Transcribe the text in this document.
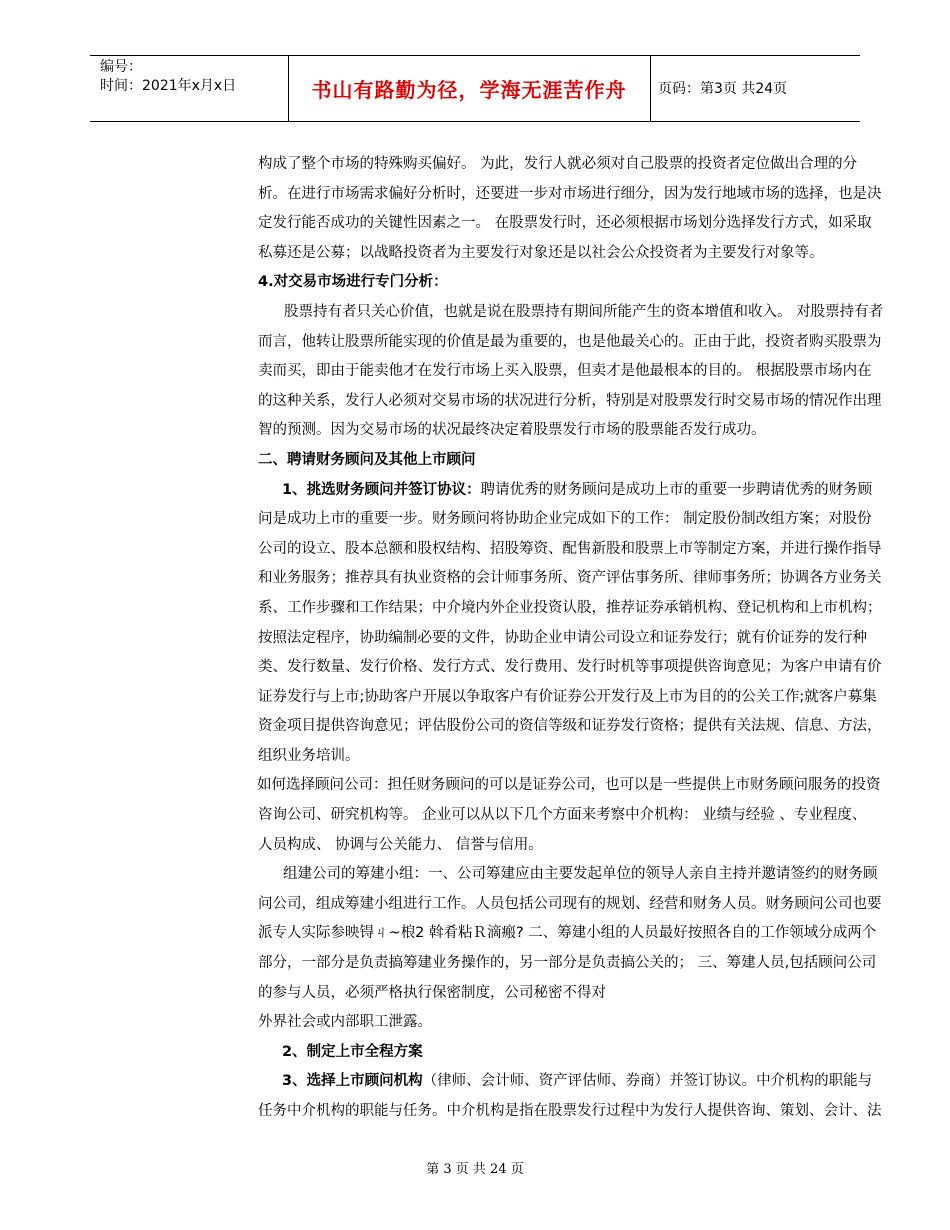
编号：
时间：2021年x月x日	书山有路勤为径，学海无涯苦作舟	页码：第3页 共24页

构成了整个市场的特殊购买偏好。 为此，发行人就必须对自己股票的投资者定位做出合理的分

析。在进行市场需求偏好分析时，还要进一步对市场进行细分，因为发行地域市场的选择，也是决

定发行能否成功的关键性因素之一。 在股票发行时，还必须根据市场划分选择发行方式，如采取

私募还是公募；以战略投资者为主要发行对象还是以社会公众投资者为主要发行对象等。

4.对交易市场进行专门分析：

股票持有者只关心价值，也就是说在股票持有期间所能产生的资本增值和收入。 对股票持有者

而言，他转让股票所能实现的价值是最为重要的，也是他最关心的。正由于此，投资者购买股票为

卖而买，即由于能卖他才在发行市场上买入股票，但卖才是他最根本的目的。 根据股票市场内在

的这种关系，发行人必须对交易市场的状况进行分析，特别是对股票发行时交易市场的情况作出理

智的预测。因为交易市场的状况最终决定着股票发行市场的股票能否发行成功。

二、聘请财务顾问及其他上市顾问

1、挑选财务顾问并签订协议：聘请优秀的财务顾问是成功上市的重要一步聘请优秀的财务顾

问是成功上市的重要一步。财务顾问将协助企业完成如下的工作： 制定股份制改组方案；对股份

公司的设立、股本总额和股权结构、招股筹资、配售新股和股票上市等制定方案，并进行操作指导

和业务服务；推荐具有执业资格的会计师事务所、资产评估事务所、律师事务所；协调各方业务关

系、工作步骤和工作结果；中介境内外企业投资认股，推荐证券承销机构、登记机构和上市机构；

按照法定程序，协助编制必要的文件，协助企业申请公司设立和证券发行；就有价证券的发行种

类、发行数量、发行价格、发行方式、发行费用、发行时机等事项提供咨询意见；为客户申请有价

证券发行与上市;协助客户开展以争取客户有价证券公开发行及上市为目的的公关工作;就客户募集

资金项目提供咨询意见；评估股份公司的资信等级和证券发行资格；提供有关法规、信息、方法，

组织业务培训。

如何选择顾问公司：担任财务顾问的可以是证券公司，也可以是一些提供上市财务顾问服务的投资

咨询公司、研究机构等。 企业可以从以下几个方面来考察中介机构： 业绩与经验 、专业程度、

人员构成、 协调与公关能力、 信誉与信用。

组建公司的筹建小组：一、公司筹建应由主要发起单位的领导人亲自主持并邀请签约的财务顾

问公司，组成筹建小组进行工作。人员包括公司现有的规划、经营和财务人员。财务顾问公司也要

派专人实际参映锝ㄐ~桹2 斡肴粘Ｒ滴瘢? 二、筹建小组的人员最好按照各自的工作领域分成两个

部分，一部分是负责搞筹建业务操作的，另一部分是负责搞公关的； 三、筹建人员,包括顾问公司

的参与人员，必须严格执行保密制度，公司秘密不得对

外界社会或内部职工泄露。

2、制定上市全程方案

3、选择上市顾问机构（律师、会计师、资产评估师、券商）并签订协议。中介机构的职能与

任务中介机构的职能与任务。中介机构是指在股票发行过程中为发行人提供咨询、策划、会计、法

第 3 页 共 24 页
